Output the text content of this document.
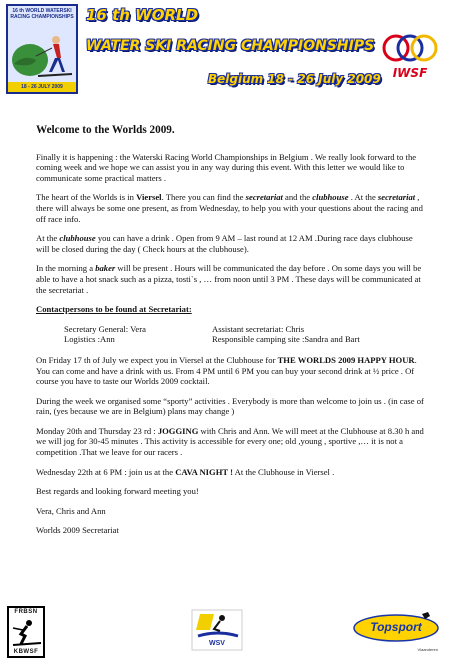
16 th WORLD WATERSKI RACING CHAMPIONSHIPS
18 - 26 JULY 2009
16 th WORLD
WATER SKI RACING CHAMPIONSHIPS
Belgium 18 - 26 July 2009 IWSF

Welcome to the Worlds 2009.

Finally it is happening : the Waterski Racing World Championships in Belgium . We really look forward to the coming week and we hope we can assist you in any way during this event. With this letter we would like to communicate some practical matters .

The heart of the Worlds is in Viersel. There you can find the secretariat and the clubhouse . At the secretariat , there will always be some one present, as from Wednesday, to help you with your questions about the racing and off race info.

At the clubhouse you can have a drink . Open from 9 AM – last round at 12 AM .During race days clubhouse will be closed during the day ( Check hours at the clubhouse).

In the morning a baker will be present . Hours will be communicated the day before . On some days you will be able to have a hot snack such as a pizza, tosti`s , … from noon until 3 PM . These days will be communicated at the secretariat .

Contactpersons to be found at Secretariat:

Secretary General: Vera	Assistant secretariat: Chris
Logistics :Ann	Responsible camping site :Sandra and Bart

On Friday 17 th of July we expect you in Viersel at the Clubhouse for THE WORLDS 2009 HAPPY HOUR. You can come and have a drink with us. From 4 PM until 6 PM you can buy your second drink at ½ price . Of course you have to taste our Worlds 2009 cocktail.

During the week we organised some “sporty” activities . Everybody is more than welcome to join us . (in case of rain, (yes because we are in Belgium) plans may change )

Monday 20th and Thursday 23 rd : JOGGING with Chris and Ann. We will meet at the Clubhouse at 8.30 h and we will jog for 30-45 minutes . This activity is accessible for every one; old ,young , sportive ,… it is not a competition .That we leave for our racers .

Wednesday 22th at 6 PM : join us at the CAVA NIGHT ! At the Clubhouse in Viersel .

Best regards and looking forward meeting you!

Vera, Chris and Ann

Worlds 2009 Secretariat

FRBSN
KBWSF
WSV
Topsport
Vlaanderen
